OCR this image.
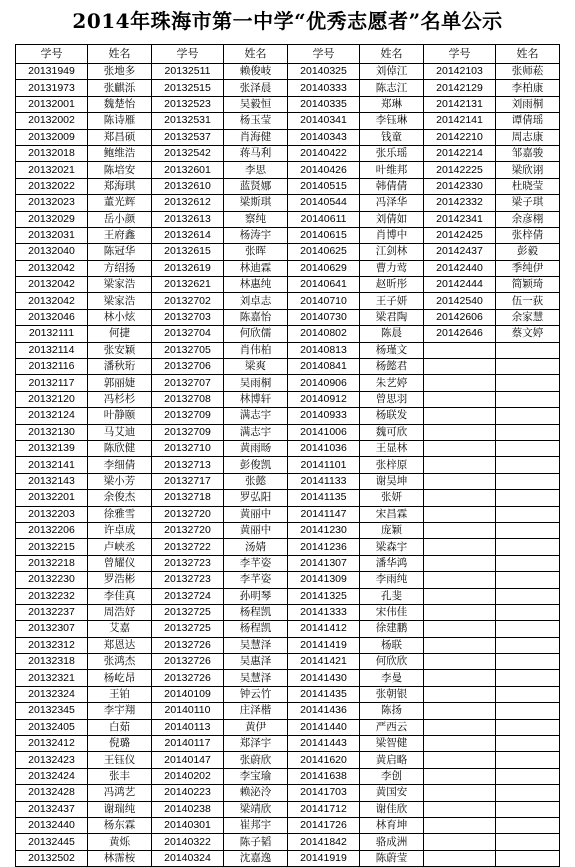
2014年珠海市第一中学“优秀志愿者”名单公示
学号	姓名	学号	姓名	学号	姓名	学号	姓名
20131949	张地多	20132511	赖俊岐	20140325	刘倬江	20142103	张师菘
20131973	张麒泺	20132515	张泽晨	20140333	陈志江	20142129	李柏康
20132001	魏楚怡	20132523	吴毅恒	20140335	郑琳	20142131	刘雨桐
20132002	陈诗雁	20132531	杨玉莹	20140341	李钰琳	20142141	谭倩瑶
20132009	郑昌硕	20132537	肖海健	20140343	钱童	20142210	周志康
20132018	鲍维浩	20132542	蒋马利	20140422	张乐瑶	20142214	邹嘉骏
20132021	陈培安	20132601	李思	20140426	叶维邦	20142225	梁欣诩
20132022	郑海琪	20132610	蓝贤娜	20140515	韩倩倩	20142330	杜晓莹
20132023	董光辉	20132612	梁斯琪	20140544	冯泽华	20142332	梁子琪
20132029	岳小颜	20132613	察纯	20140611	刘倩如	20142341	余彦栩
20132031	王府鑫	20132614	杨涛宇	20140615	肖博中	20142425	张梓倩
20132040	陈冠华	20132615	张晖	20140625	江剑林	20142437	彭毅
20132042	方绍扬	20132619	林迪霖	20140629	曹力莺	20142440	季纯伊
20132042	梁家浩	20132621	林惠纯	20140641	赵昕彤	20142444	简颖琦
20132042	梁家浩	20132702	刘卓志	20140710	王子妍	20142540	伍一荻
20132046	林小炫	20132703	陈嘉怡	20140730	梁君陶	20142606	余家慧
20132111	何捷	20132704	何欣儒	20140802	陈晨	20142646	蔡文婷
20132114	张安颖	20132705	肖伟柏	20140813	杨瑾文		
20132116	潘秋珩	20132706	梁爽	20140841	杨懿君		
20132117	郭丽婕	20132707	吴雨桐	20140906	朱艺婷		
20132120	冯杉杉	20132708	林博轩	20140912	曾思羽		
20132124	叶静颐	20132709	满志宇	20140933	杨联发		
20132130	马艾迪	20132709	满志宇	20141006	魏可欣		
20132139	陈欣健	20132710	黄雨旸	20141036	王显林		
20132141	李细倩	20132713	彭俊凯	20141101	张梓原		
20132143	梁小芳	20132717	张懿	20141133	谢昊坤		
20132201	余俊杰	20132718	罗弘阳	20141135	张妍		
20132203	徐雅雪	20132720	黄丽中	20141147	宋昌霖		
20132206	许卓成	20132720	黄丽中	20141230	庞颖		
20132215	卢峡丞	20132722	汤婧	20141236	梁森宇		
20132218	曾耀仪	20132723	李芊姿	20141307	潘华鸿		
20132230	罗浩彬	20132723	李芊姿	20141309	李雨纯		
20132232	李佳真	20132724	孙明琴	20141325	孔斐		
20132237	周浩妤	20132725	杨程凯	20141333	宋伟佳		
20132307	艾嘉	20132725	杨程凯	20141412	徐建鹏		
20132312	郑恩达	20132726	吴慧泽	20141419	杨联		
20132318	张鸿杰	20132726	吴惠泽	20141421	何欣欣		
20132321	杨屹昂	20132726	吴慧泽	20141430	李曼		
20132324	王铂	20140109	钟云竹	20141435	张朝银		
20132345	李宇翔	20140110	庄泽楷	20141436	陈扬		
20132405	白茹	20140113	黄伊	20141440	严西云		
20132412	倪璐	20140117	郑泽宇	20141443	梁智健		
20132423	王钰仪	20140147	张蔚欣	20141620	黄启略		
20132424	张丰	20140202	李宝瑜	20141638	李创		
20132428	冯鸿艺	20140223	赖泌泠	20141703	黄国安		
20132437	谢瑞纯	20140238	梁靖欣	20141712	谢佳欣		
20132440	杨东霖	20140301	崔邦宇	20141726	林育坤		
20132445	黄烁	20140322	陈子韬	20141842	骆成洲		
20132502	林霈桉	20140324	沈嘉逸	20141919	陈蔚莹		
